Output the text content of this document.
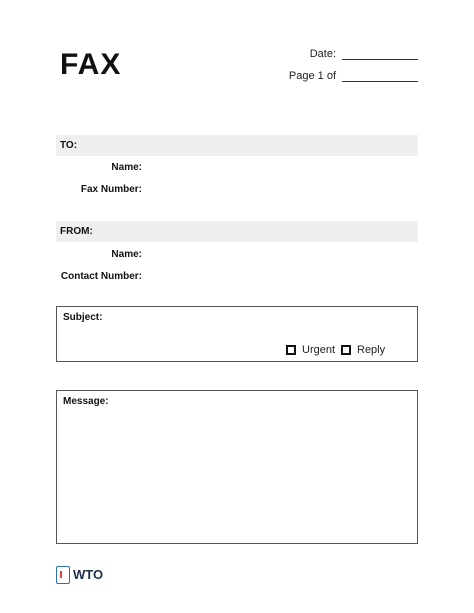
FAX	Date:
Page 1 of
TO:
Name:
Fax Number:
FROM:
Name:
Contact Number:
Subject:
Urgent Reply
Message:
WTO
